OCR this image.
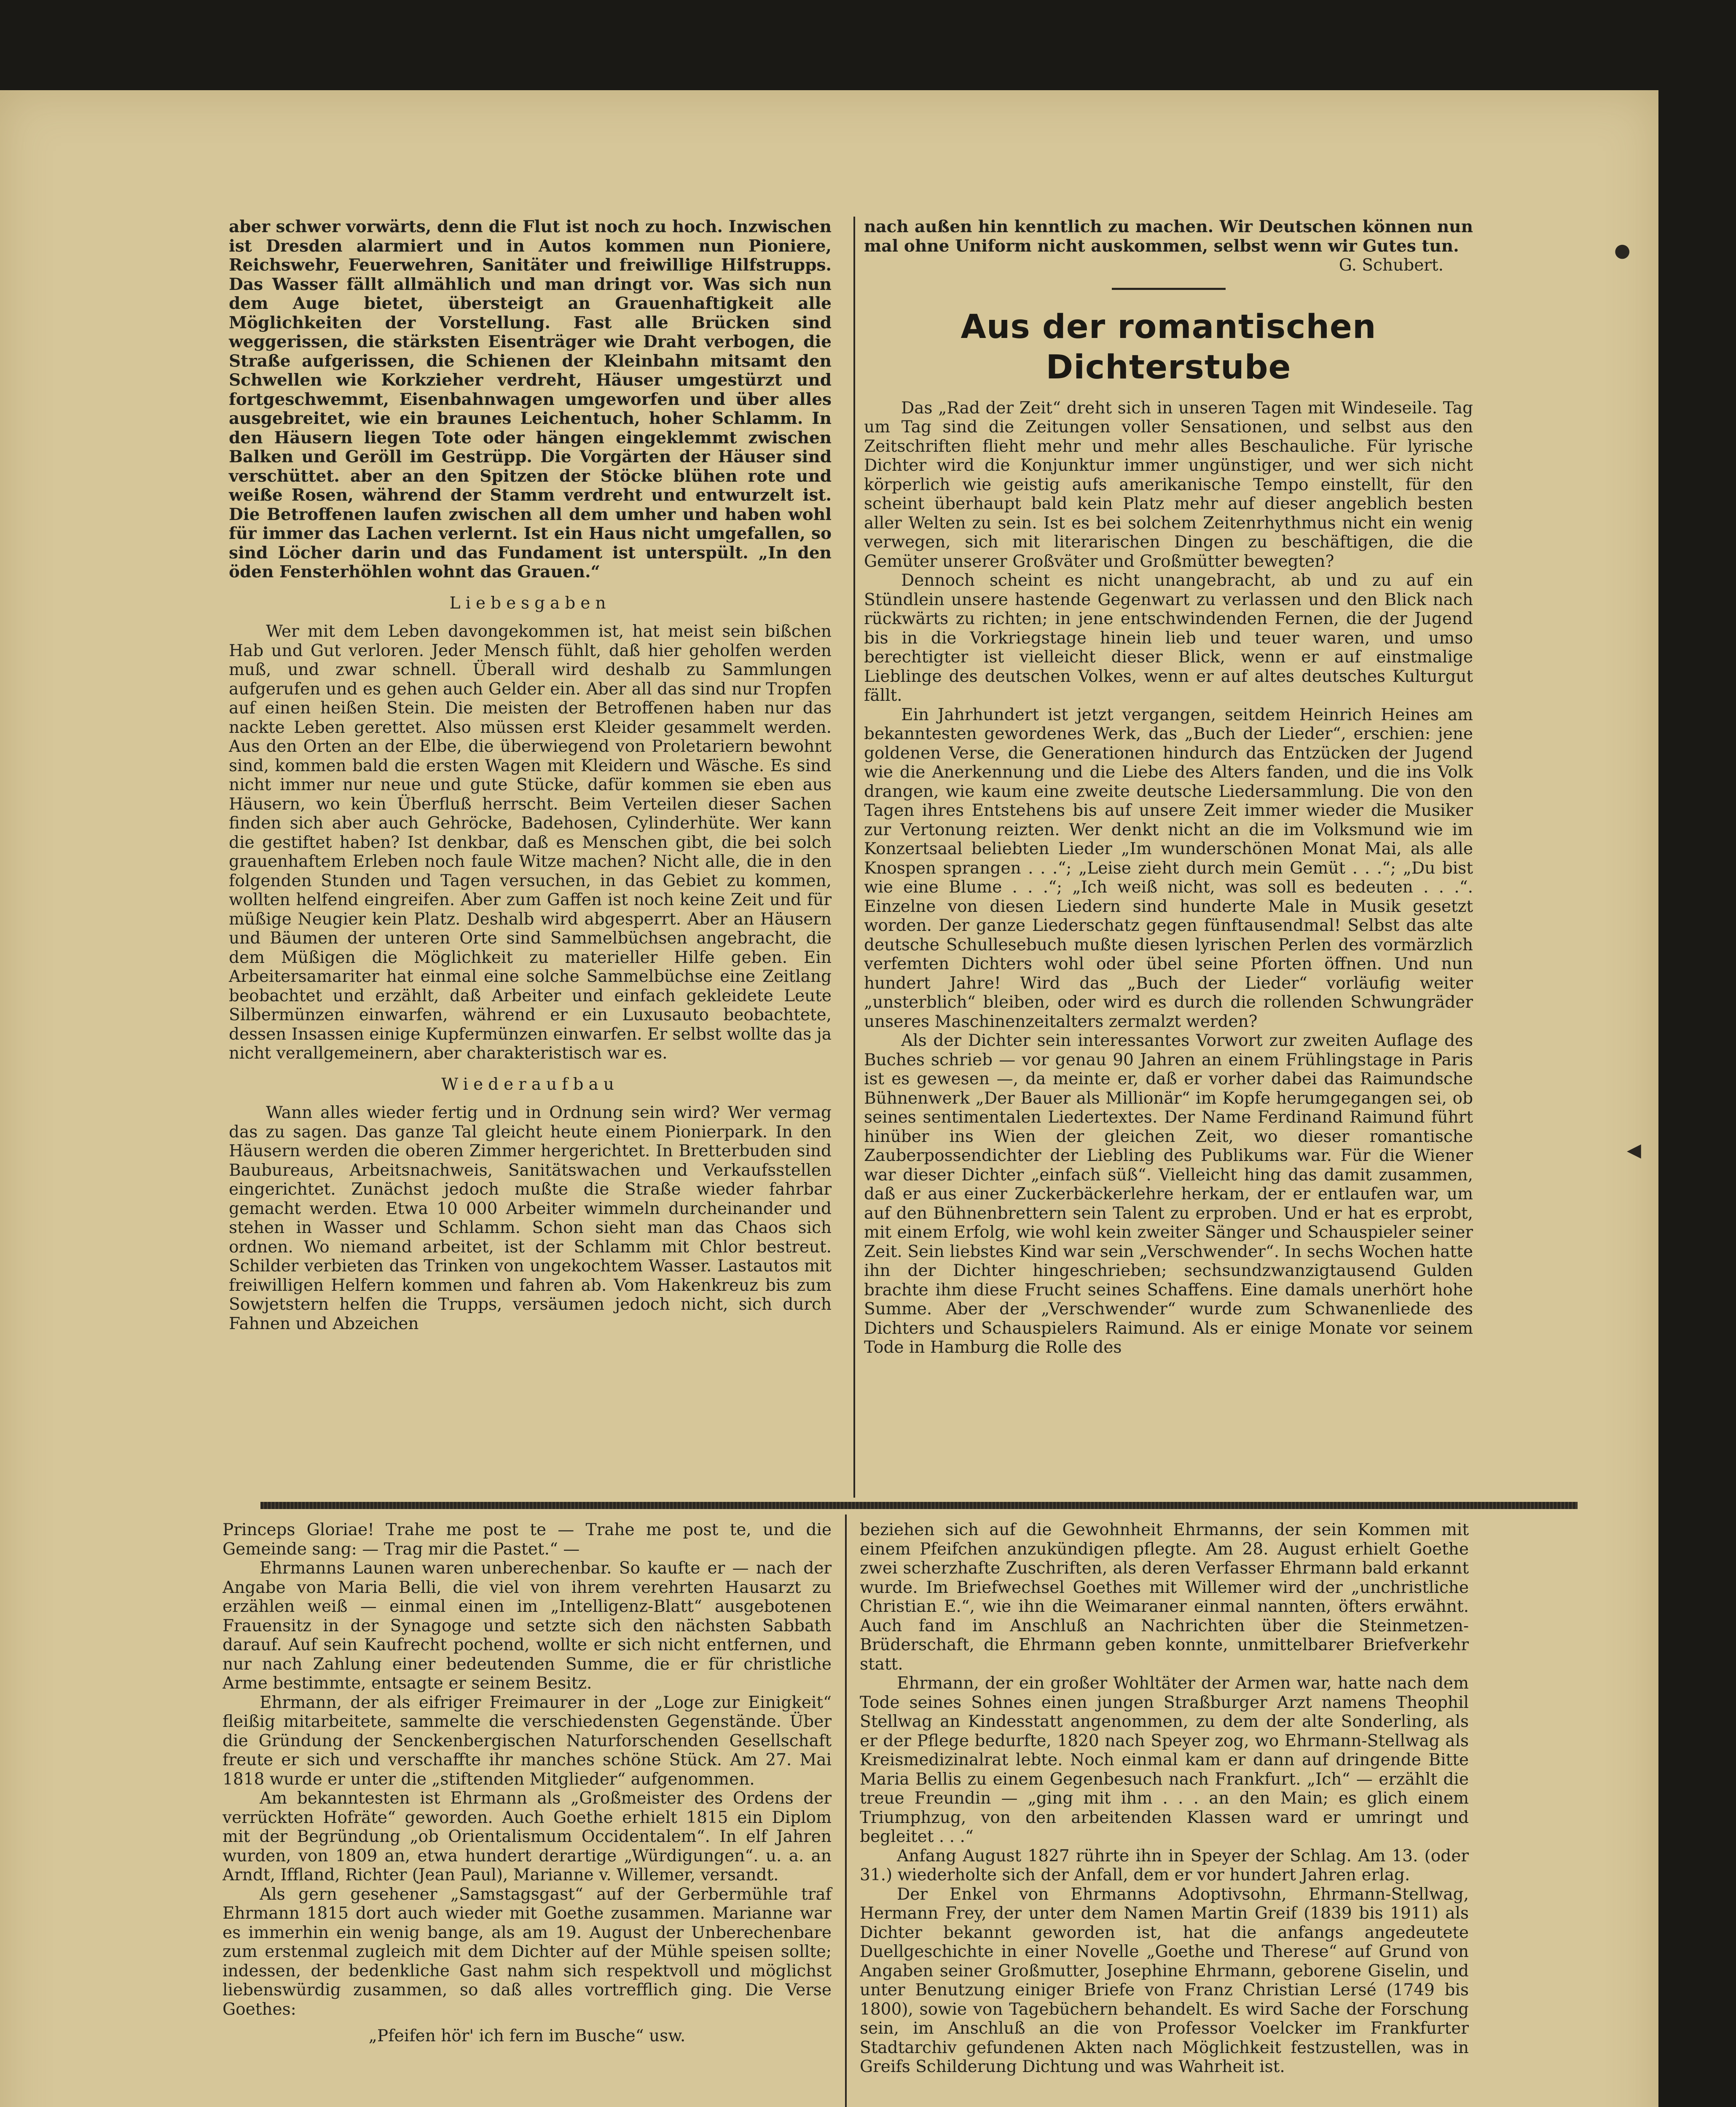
aber schwer vorwärts, denn die Flut ist noch zu hoch. Inzwischen ist Dresden alarmiert und in Autos kommen nun Pioniere, Reichswehr, Feuerwehren, Sanitäter und freiwillige Hilfstrupps. Das Wasser fällt allmählich und man dringt vor. Was sich nun dem Auge bietet, übersteigt an Grauenhaftigkeit alle Möglichkeiten der Vorstellung. Fast alle Brücken sind weggerissen, die stärksten Eisenträger wie Draht verbogen, die Straße aufgerissen, die Schienen der Kleinbahn mitsamt den Schwellen wie Korkzieher verdreht, Häuser umgestürzt und fortgeschwemmt, Eisenbahnwagen umgeworfen und über alles ausgebreitet, wie ein braunes Leichentuch, hoher Schlamm. In den Häusern liegen Tote oder hängen eingeklemmt zwischen Balken und Geröll im Gestrüpp. Die Vorgärten der Häuser sind verschüttet. aber an den Spitzen der Stöcke blühen rote und weiße Rosen, während der Stamm verdreht und entwurzelt ist. Die Betroffenen laufen zwischen all dem umher und haben wohl für immer das Lachen verlernt. Ist ein Haus nicht umgefallen, so sind Löcher darin und das Fundament ist unterspült. „In den öden Fensterhöhlen wohnt das Grauen.“

Liebesgaben

Wer mit dem Leben davongekommen ist, hat meist sein bißchen Hab und Gut verloren. Jeder Mensch fühlt, daß hier geholfen werden muß, und zwar schnell. Überall wird deshalb zu Sammlungen aufgerufen und es gehen auch Gelder ein. Aber all das sind nur Tropfen auf einen heißen Stein. Die meisten der Betroffenen haben nur das nackte Leben gerettet. Also müssen erst Kleider gesammelt werden. Aus den Orten an der Elbe, die überwiegend von Proletariern bewohnt sind, kommen bald die ersten Wagen mit Kleidern und Wäsche. Es sind nicht immer nur neue und gute Stücke, dafür kommen sie eben aus Häusern, wo kein Überfluß herrscht. Beim Verteilen dieser Sachen finden sich aber auch Gehröcke, Badehosen, Cylinderhüte. Wer kann die gestiftet haben? Ist denkbar, daß es Menschen gibt, die bei solch grauenhaftem Erleben noch faule Witze machen? Nicht alle, die in den folgenden Stunden und Tagen versuchen, in das Gebiet zu kommen, wollten helfend eingreifen. Aber zum Gaffen ist noch keine Zeit und für müßige Neugier kein Platz. Deshalb wird abgesperrt. Aber an Häusern und Bäumen der unteren Orte sind Sammelbüchsen angebracht, die dem Müßigen die Möglichkeit zu materieller Hilfe geben. Ein Arbeitersamariter hat einmal eine solche Sammelbüchse eine Zeitlang beobachtet und erzählt, daß Arbeiter und einfach gekleidete Leute Silbermünzen einwarfen, während er ein Luxusauto beobachtete, dessen Insassen einige Kupfermünzen einwarfen. Er selbst wollte das ja nicht verallgemeinern, aber charakteristisch war es.

Wiederaufbau

Wann alles wieder fertig und in Ordnung sein wird? Wer vermag das zu sagen. Das ganze Tal gleicht heute einem Pionierpark. In den Häusern werden die oberen Zimmer hergerichtet. In Bretterbuden sind Baubureaus, Arbeitsnachweis, Sanitätswachen und Verkaufsstellen eingerichtet. Zunächst jedoch mußte die Straße wieder fahrbar gemacht werden. Etwa 10 000 Arbeiter wimmeln durcheinander und stehen in Wasser und Schlamm. Schon sieht man das Chaos sich ordnen. Wo niemand arbeitet, ist der Schlamm mit Chlor bestreut. Schilder verbieten das Trinken von ungekochtem Wasser. Lastautos mit freiwilligen Helfern kommen und fahren ab. Vom Hakenkreuz bis zum Sowjetstern helfen die Trupps, versäumen jedoch nicht, sich durch Fahnen und Abzeichen

nach außen hin kenntlich zu machen. Wir Deutschen können nun mal ohne Uniform nicht auskommen, selbst wenn wir Gutes tun.

G. Schubert.

Aus der romantischen Dichterstube

Das „Rad der Zeit“ dreht sich in unseren Tagen mit Windeseile. Tag um Tag sind die Zeitungen voller Sensationen, und selbst aus den Zeitschriften flieht mehr und mehr alles Beschauliche. Für lyrische Dichter wird die Konjunktur immer ungünstiger, und wer sich nicht körperlich wie geistig aufs amerikanische Tempo einstellt, für den scheint überhaupt bald kein Platz mehr auf dieser angeblich besten aller Welten zu sein. Ist es bei solchem Zeitenrhythmus nicht ein wenig verwegen, sich mit literarischen Dingen zu beschäftigen, die die Gemüter unserer Großväter und Großmütter bewegten?

Dennoch scheint es nicht unangebracht, ab und zu auf ein Stündlein unsere hastende Gegenwart zu verlassen und den Blick nach rückwärts zu richten; in jene entschwindenden Fernen, die der Jugend bis in die Vorkriegstage hinein lieb und teuer waren, und umso berechtigter ist vielleicht dieser Blick, wenn er auf einstmalige Lieblinge des deutschen Volkes, wenn er auf altes deutsches Kulturgut fällt.

Ein Jahrhundert ist jetzt vergangen, seitdem Heinrich Heines am bekanntesten gewordenes Werk, das „Buch der Lieder“, erschien: jene goldenen Verse, die Generationen hindurch das Entzücken der Jugend wie die Anerkennung und die Liebe des Alters fanden, und die ins Volk drangen, wie kaum eine zweite deutsche Liedersammlung. Die von den Tagen ihres Entstehens bis auf unsere Zeit immer wieder die Musiker zur Vertonung reizten. Wer denkt nicht an die im Volksmund wie im Konzertsaal beliebten Lieder „Im wunderschönen Monat Mai, als alle Knospen sprangen . . .“; „Leise zieht durch mein Gemüt . . .“; „Du bist wie eine Blume . . .“; „Ich weiß nicht, was soll es bedeuten . . .“. Einzelne von diesen Liedern sind hunderte Male in Musik gesetzt worden. Der ganze Liederschatz gegen fünftausendmal! Selbst das alte deutsche Schullesebuch mußte diesen lyrischen Perlen des vormärzlich verfemten Dichters wohl oder übel seine Pforten öffnen. Und nun hundert Jahre! Wird das „Buch der Lieder“ vorläufig weiter „unsterblich“ bleiben, oder wird es durch die rollenden Schwungräder unseres Maschinenzeitalters zermalzt werden?

Als der Dichter sein interessantes Vorwort zur zweiten Auflage des Buches schrieb — vor genau 90 Jahren an einem Frühlingstage in Paris ist es gewesen —, da meinte er, daß er vorher dabei das Raimundsche Bühnenwerk „Der Bauer als Millionär“ im Kopfe herumgegangen sei, ob seines sentimentalen Liedertextes. Der Name Ferdinand Raimund führt hinüber ins Wien der gleichen Zeit, wo dieser romantische Zauberpossendichter der Liebling des Publikums war. Für die Wiener war dieser Dichter „einfach süß“. Vielleicht hing das damit zusammen, daß er aus einer Zuckerbäckerlehre herkam, der er entlaufen war, um auf den Bühnenbrettern sein Talent zu erproben. Und er hat es erprobt, mit einem Erfolg, wie wohl kein zweiter Sänger und Schauspieler seiner Zeit. Sein liebstes Kind war sein „Verschwender“. In sechs Wochen hatte ihn der Dichter hingeschrieben; sechsundzwanzigtausend Gulden brachte ihm diese Frucht seines Schaffens. Eine damals unerhört hohe Summe. Aber der „Verschwender“ wurde zum Schwanenliede des Dichters und Schauspielers Raimund. Als er einige Monate vor seinem Tode in Hamburg die Rolle des

Princeps Gloriae! Trahe me post te — Trahe me post te, und die Gemeinde sang: — Trag mir die Pastet.“ —

Ehrmanns Launen waren unberechenbar. So kaufte er — nach der Angabe von Maria Belli, die viel von ihrem verehrten Hausarzt zu erzählen weiß — einmal einen im „Intelligenz-Blatt“ ausgebotenen Frauensitz in der Synagoge und setzte sich den nächsten Sabbath darauf. Auf sein Kaufrecht pochend, wollte er sich nicht entfernen, und nur nach Zahlung einer bedeutenden Summe, die er für christliche Arme bestimmte, entsagte er seinem Besitz.

Ehrmann, der als eifriger Freimaurer in der „Loge zur Einigkeit“ fleißig mitarbeitete, sammelte die verschiedensten Gegenstände. Über die Gründung der Senckenbergischen Naturforschenden Gesellschaft freute er sich und verschaffte ihr manches schöne Stück. Am 27. Mai 1818 wurde er unter die „stiftenden Mitglieder“ aufgenommen.

Am bekanntesten ist Ehrmann als „Großmeister des Ordens der verrückten Hofräte“ geworden. Auch Goethe erhielt 1815 ein Diplom mit der Begründung „ob Orientalismum Occidentalem“. In elf Jahren wurden, von 1809 an, etwa hundert derartige „Würdigungen“. u. a. an Arndt, Iffland, Richter (Jean Paul), Marianne v. Willemer, versandt.

Als gern gesehener „Samstagsgast“ auf der Gerbermühle traf Ehrmann 1815 dort auch wieder mit Goethe zusammen. Marianne war es immerhin ein wenig bange, als am 19. August der Unberechenbare zum erstenmal zugleich mit dem Dichter auf der Mühle speisen sollte; indessen, der bedenkliche Gast nahm sich respektvoll und möglichst liebenswürdig zusammen, so daß alles vortrefflich ging. Die Verse Goethes:

„Pfeifen hör' ich fern im Busche“ usw.

beziehen sich auf die Gewohnheit Ehrmanns, der sein Kommen mit einem Pfeifchen anzukündigen pflegte. Am 28. August erhielt Goethe zwei scherzhafte Zuschriften, als deren Verfasser Ehrmann bald erkannt wurde. Im Briefwechsel Goethes mit Willemer wird der „unchristliche Christian E.“, wie ihn die Weimaraner einmal nannten, öfters erwähnt. Auch fand im Anschluß an Nachrichten über die Steinmetzen-Brüderschaft, die Ehrmann geben konnte, unmittelbarer Briefverkehr statt.

Ehrmann, der ein großer Wohltäter der Armen war, hatte nach dem Tode seines Sohnes einen jungen Straßburger Arzt namens Theophil Stellwag an Kindesstatt angenommen, zu dem der alte Sonderling, als er der Pflege bedurfte, 1820 nach Speyer zog, wo Ehrmann-Stellwag als Kreismedizinalrat lebte. Noch einmal kam er dann auf dringende Bitte Maria Bellis zu einem Gegenbesuch nach Frankfurt. „Ich“ — erzählt die treue Freundin — „ging mit ihm . . . an den Main; es glich einem Triumphzug, von den arbeitenden Klassen ward er umringt und begleitet . . .“

Anfang August 1827 rührte ihn in Speyer der Schlag. Am 13. (oder 31.) wiederholte sich der Anfall, dem er vor hundert Jahren erlag.

Der Enkel von Ehrmanns Adoptivsohn, Ehrmann-Stellwag, Hermann Frey, der unter dem Namen Martin Greif (1839 bis 1911) als Dichter bekannt geworden ist, hat die anfangs angedeutete Duellgeschichte in einer Novelle „Goethe und Therese“ auf Grund von Angaben seiner Großmutter, Josephine Ehrmann, geborene Giselin, und unter Benutzung einiger Briefe von Franz Christian Lersé (1749 bis 1800), sowie von Tagebüchern behandelt. Es wird Sache der Forschung sein, im Anschluß an die von Professor Voelcker im Frankfurter Stadtarchiv gefundenen Akten nach Möglichkeit festzustellen, was in Greifs Schilderung Dichtung und was Wahrheit ist.

●
◀
